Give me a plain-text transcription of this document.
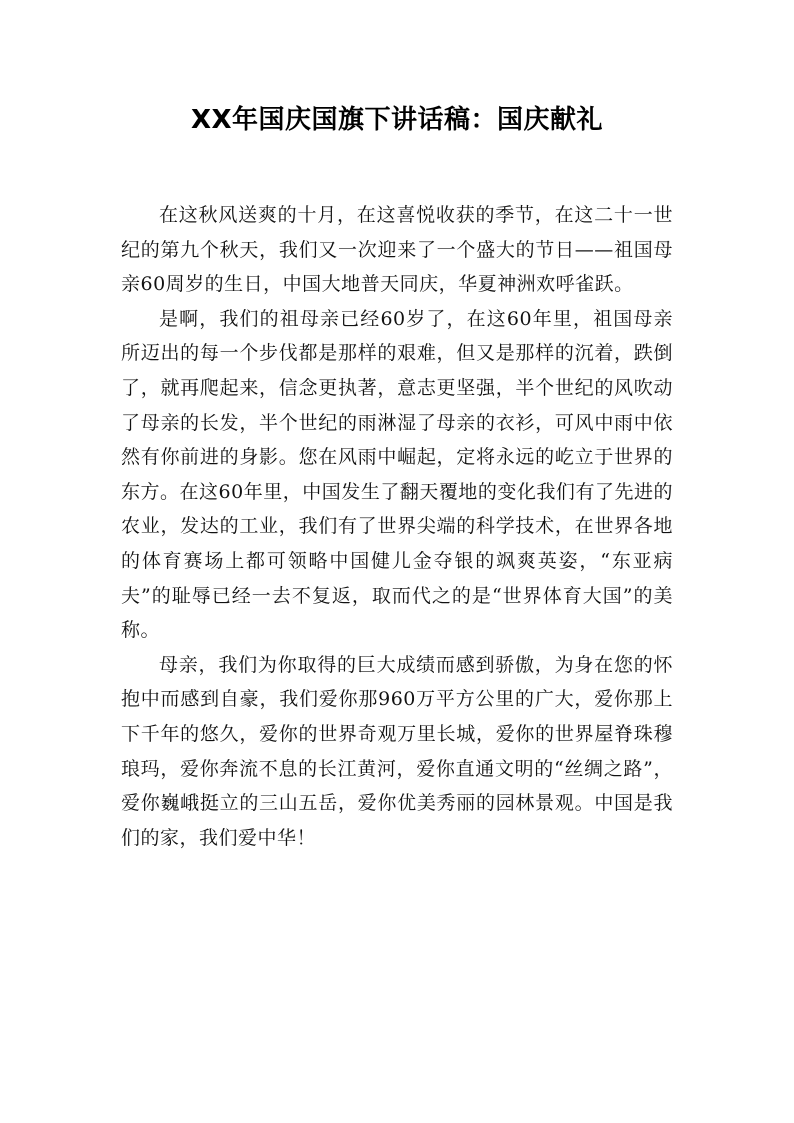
XX年国庆国旗下讲话稿：国庆献礼

在这秋风送爽的十月，在这喜悦收获的季节，在这二十一世纪的第九个秋天，我们又一次迎来了一个盛大的节日——祖国母亲60周岁的生日，中国大地普天同庆，华夏神洲欢呼雀跃。

是啊，我们的祖母亲已经60岁了，在这60年里，祖国母亲所迈出的每一个步伐都是那样的艰难，但又是那样的沉着，跌倒了，就再爬起来，信念更执著，意志更坚强，半个世纪的风吹动了母亲的长发，半个世纪的雨淋湿了母亲的衣衫，可风中雨中依然有你前进的身影。您在风雨中崛起，定将永远的屹立于世界的东方。在这60年里，中国发生了翻天覆地的变化我们有了先进的农业，发达的工业，我们有了世界尖端的科学技术，在世界各地的体育赛场上都可领略中国健儿金夺银的飒爽英姿，“东亚病夫”的耻辱已经一去不复返，取而代之的是“世界体育大国”的美称。

母亲，我们为你取得的巨大成绩而感到骄傲，为身在您的怀抱中而感到自豪，我们爱你那960万平方公里的广大，爱你那上下千年的悠久，爱你的世界奇观万里长城，爱你的世界屋脊珠穆琅玛，爱你奔流不息的长江黄河，爱你直通文明的“丝绸之路”，爱你巍峨挺立的三山五岳，爱你优美秀丽的园林景观。中国是我们的家，我们爱中华！
